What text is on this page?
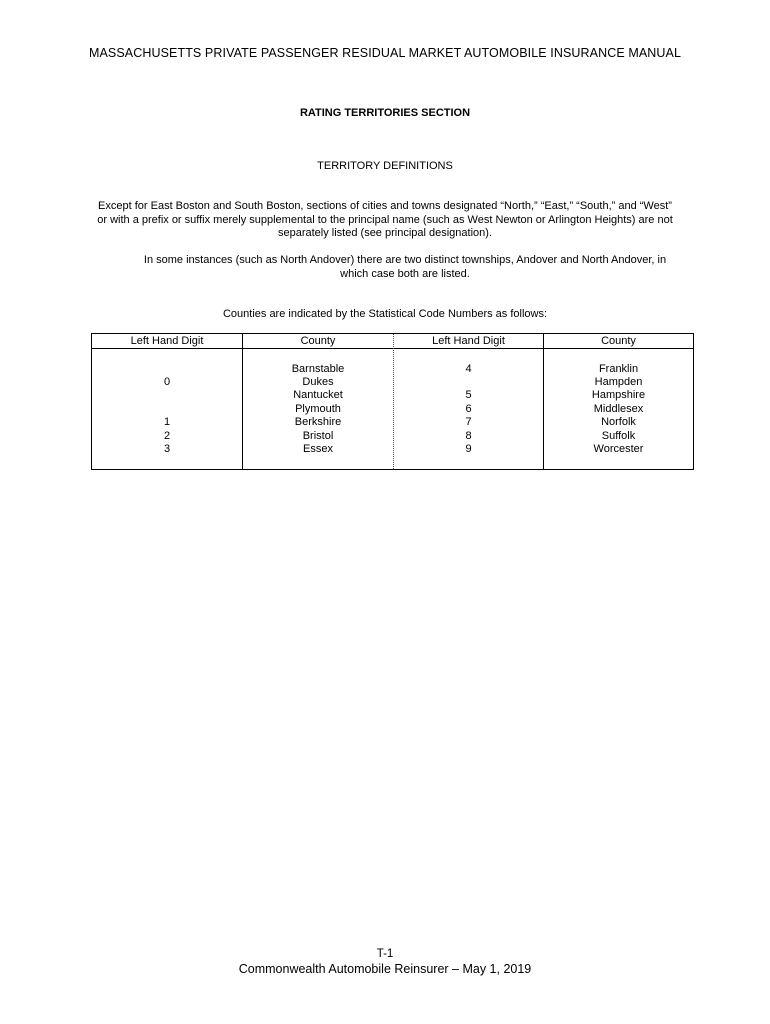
MASSACHUSETTS PRIVATE PASSENGER RESIDUAL MARKET AUTOMOBILE INSURANCE MANUAL
RATING TERRITORIES SECTION
TERRITORY DEFINITIONS
Except for East Boston and South Boston, sections of cities and towns designated “North,” “East,” “South,” and “West” or with a prefix or suffix merely supplemental to the principal name (such as West Newton or Arlington Heights) are not separately listed (see principal designation).
In some instances (such as North Andover) there are two distinct townships, Andover and North Andover, in which case both are listed.
Counties are indicated by the Statistical Code Numbers as follows:
Left Hand Digit
0
1
2
3
County
Barnstable
Dukes
Nantucket
Plymouth
Berkshire
Bristol
Essex
Left Hand Digit
4
5
6
7
8
9
County
Franklin
Hampden
Hampshire
Middlesex
Norfolk
Suffolk
Worcester
T-1
Commonwealth Automobile Reinsurer – May 1, 2019
